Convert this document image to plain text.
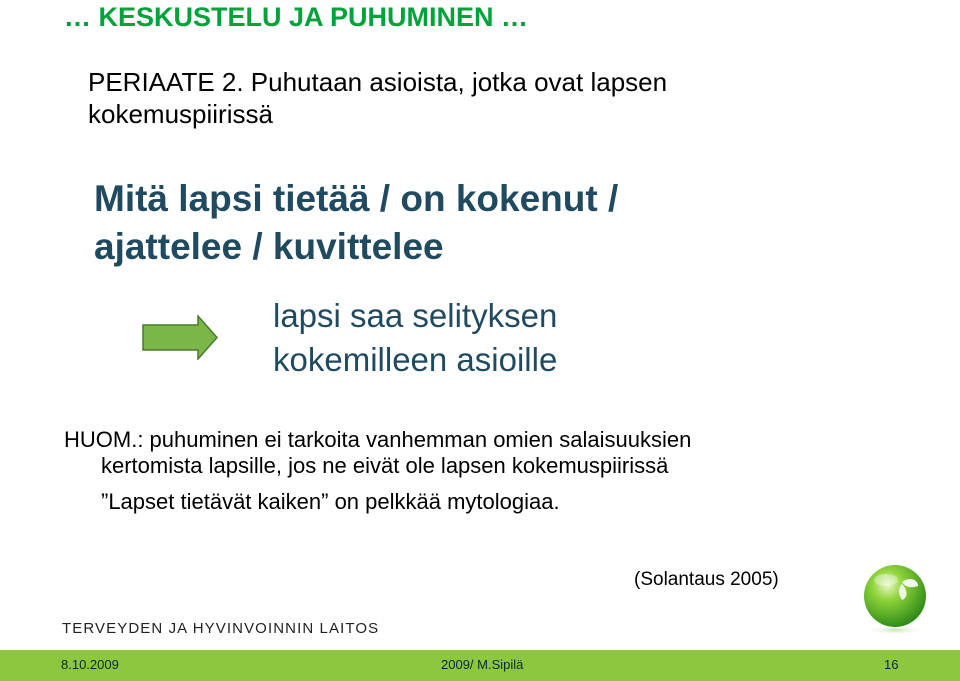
… KESKUSTELU JA PUHUMINEN …
PERIAATE 2. Puhutaan asioista, jotka ovat lapsen
kokemuspiirissä
Mitä lapsi tietää / on kokenut /
ajattelee / kuvittelee
lapsi saa selityksen
kokemilleen asioille
HUOM.: puhuminen ei tarkoita vanhemman omien salaisuuksien
kertomista lapsille, jos ne eivät ole lapsen kokemuspiirissä
”Lapset tietävät kaiken” on pelkkää mytologiaa.
(Solantaus 2005)
TERVEYDEN JA HYVINVOINNIN LAITOS
8.10.2009	2009/ M.Sipilä	16
